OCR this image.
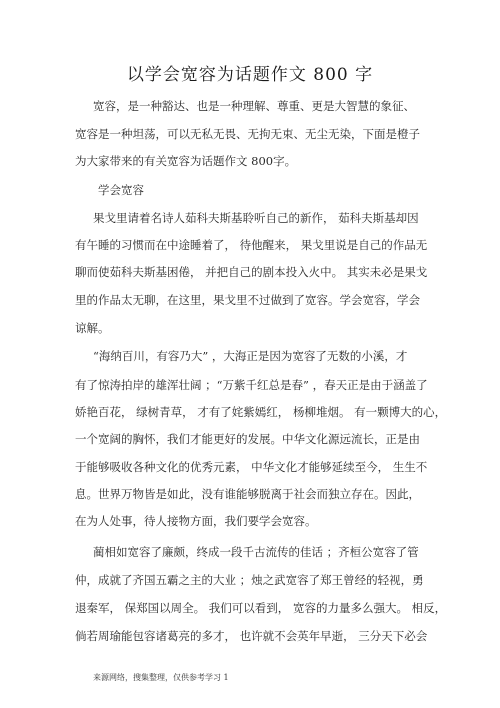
以学会宽容为话题作文 800 字
宽容，是一种豁达、也是一种理解、尊重、更是大智慧的象征、
宽容是一种坦荡，可以无私无畏、无拘无束、无尘无染，下面是橙子
为大家带来的有关宽容为话题作文 800字。
学会宽容
果戈里请着名诗人茹科夫斯基聆听自己的新作， 茹科夫斯基却因
有午睡的习惯而在中途睡着了， 待他醒来， 果戈里说是自己的作品无
聊而使茹科夫斯基困倦， 并把自己的剧本投入火中。 其实未必是果戈
里的作品太无聊，在这里，果戈里不过做到了宽容。学会宽容，学会
谅解。
“海纳百川，有容乃大” ，大海正是因为宽容了无数的小溪，才
有了惊涛拍岸的雄浑壮阔 ；“万紫千红总是春” ，春天正是由于涵盖了
娇艳百花， 绿树青草， 才有了姹紫嫣红， 杨柳堆烟。 有一颗博大的心，
一个宽阔的胸怀，我们才能更好的发展。中华文化源远流长，正是由
于能够吸收各种文化的优秀元素， 中华文化才能够延续至今， 生生不
息。世界万物皆是如此，没有谁能够脱离于社会而独立存在。因此，
在为人处事，待人接物方面，我们要学会宽容。
蔺相如宽容了廉颇，终成一段千古流传的佳话 ；齐桓公宽容了管
仲，成就了齐国五霸之主的大业 ；烛之武宽容了郑王曾经的轻视，勇
退秦军， 保郑国以周全。 我们可以看到， 宽容的力量多么强大。 相反，
倘若周瑜能包容诸葛亮的多才， 也许就不会英年早逝， 三分天下必会
来源网络，搜集整理，仅供参考学习 1
